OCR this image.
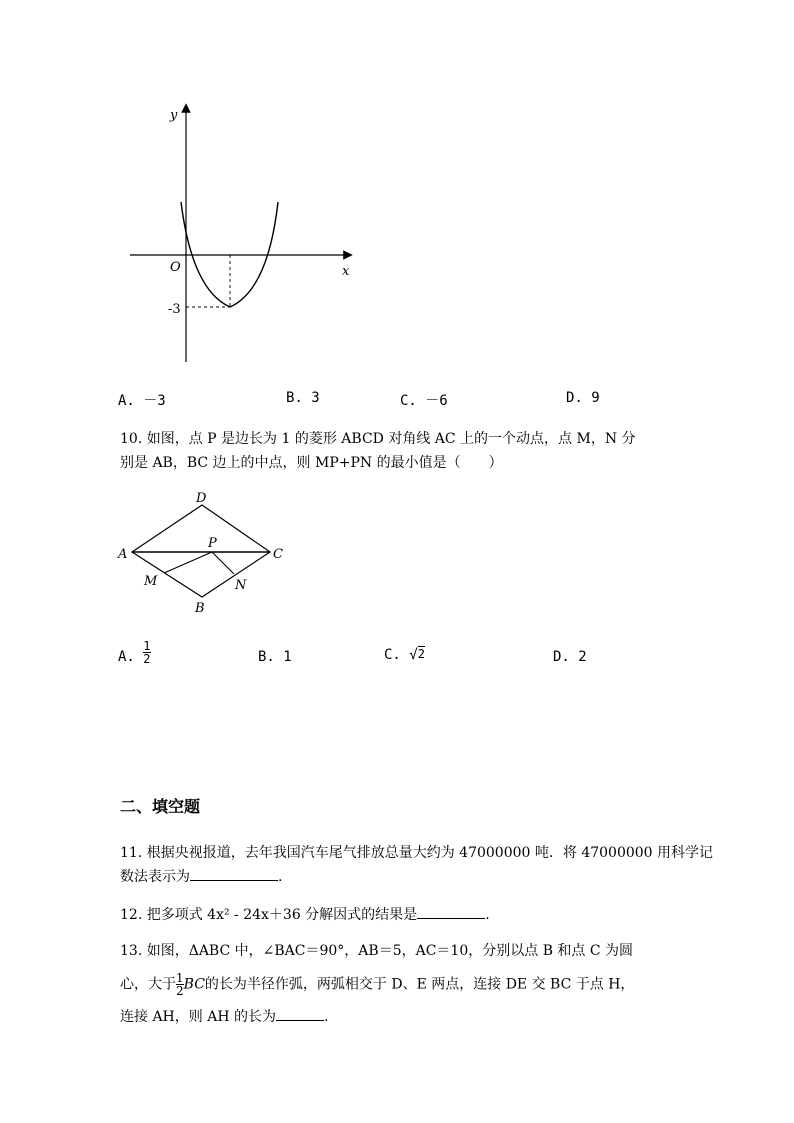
y
x
O
-3
A. －3	B. 3	C. －6	D. 9
10. 如图，点 P 是边长为 1 的菱形 ABCD 对角线 AC 上的一个动点，点 M，N 分
别是 AB，BC 边上的中点，则 MP+PN 的最小值是（　　）
D
A
P
C
M	N
B
A. $\frac{1}{2}$	B. 1	C. √2	D. 2
二、填空题
11. 根据央视报道，去年我国汽车尾气排放总量大约为 47000000 吨．将 47000000 用科学记
数法表示为	.
12. 把多项式 4x² - 24x＋36 分解因式的结果是	.
13. 如图，ΔABC 中，∠BAC＝90°，AB＝5，AC＝10，分别以点 B 和点 C 为圆
心，大于 $\frac{1}{2}$ BC的长为半径作弧，两弧相交于 D、E 两点，连接 DE 交 BC 于点 H，
连接 AH，则 AH 的长为	.
